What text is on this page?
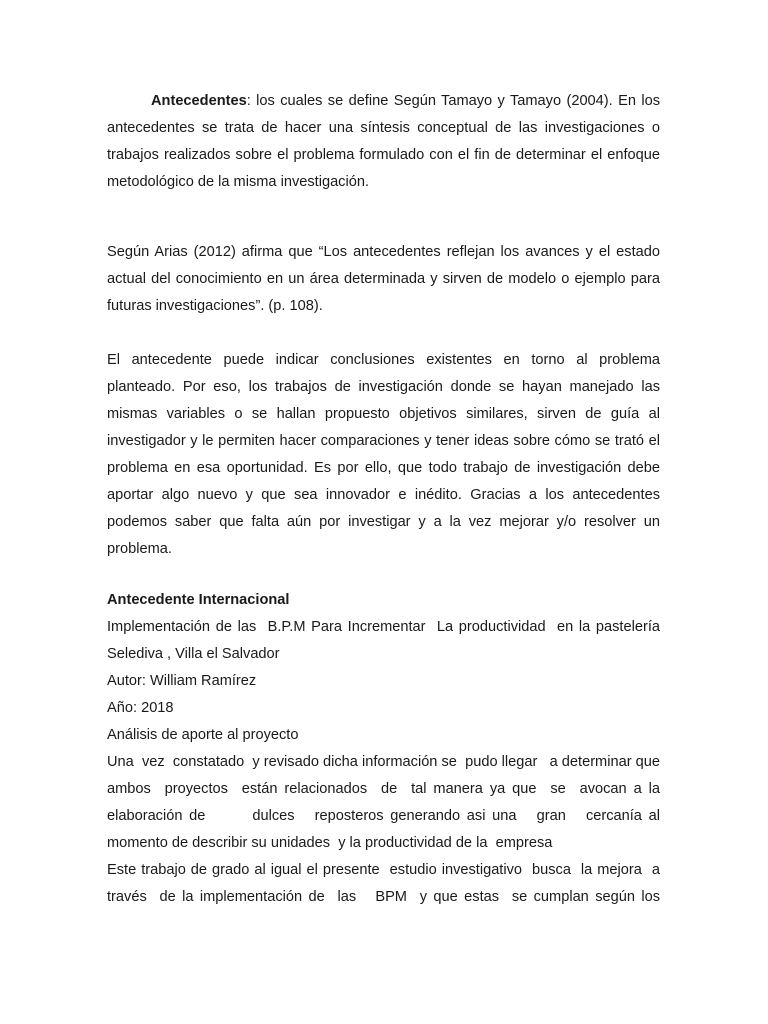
Antecedentes: los cuales se define Según Tamayo y Tamayo (2004). En los antecedentes se trata de hacer una síntesis conceptual de las investigaciones o trabajos realizados sobre el problema formulado con el fin de determinar el enfoque metodológico de la misma investigación.

Según Arias (2012) afirma que “Los antecedentes reflejan los avances y el estado actual del conocimiento en un área determinada y sirven de modelo o ejemplo para futuras investigaciones”. (p. 108).

El antecedente puede indicar conclusiones existentes en torno al problema planteado. Por eso, los trabajos de investigación donde se hayan manejado las mismas variables o se hallan propuesto objetivos similares, sirven de guía al investigador y le permiten hacer comparaciones y tener ideas sobre cómo se trató el problema en esa oportunidad. Es por ello, que todo trabajo de investigación debe aportar algo nuevo y que sea innovador e inédito. Gracias a los antecedentes podemos saber que falta aún por investigar y a la vez mejorar y/o resolver un problema.

Antecedente Internacional

Implementación de las  B.P.M Para Incrementar  La productividad  en la pastelería Selediva , Villa el Salvador

Autor: William Ramírez

Año: 2018

Análisis de aporte al proyecto

Una  vez  constatado  y revisado dicha información se  pudo llegar   a determinar que  ambos  proyectos  están relacionados  de  tal manera ya que  se  avocan a la elaboración de       dulces   reposteros generando asi una   gran   cercanía al momento de describir su unidades  y la productividad de la  empresa

Este trabajo de grado al igual el presente  estudio investigativo  busca  la mejora  a través  de la implementación de  las   BPM  y que estas  se cumplan según los
